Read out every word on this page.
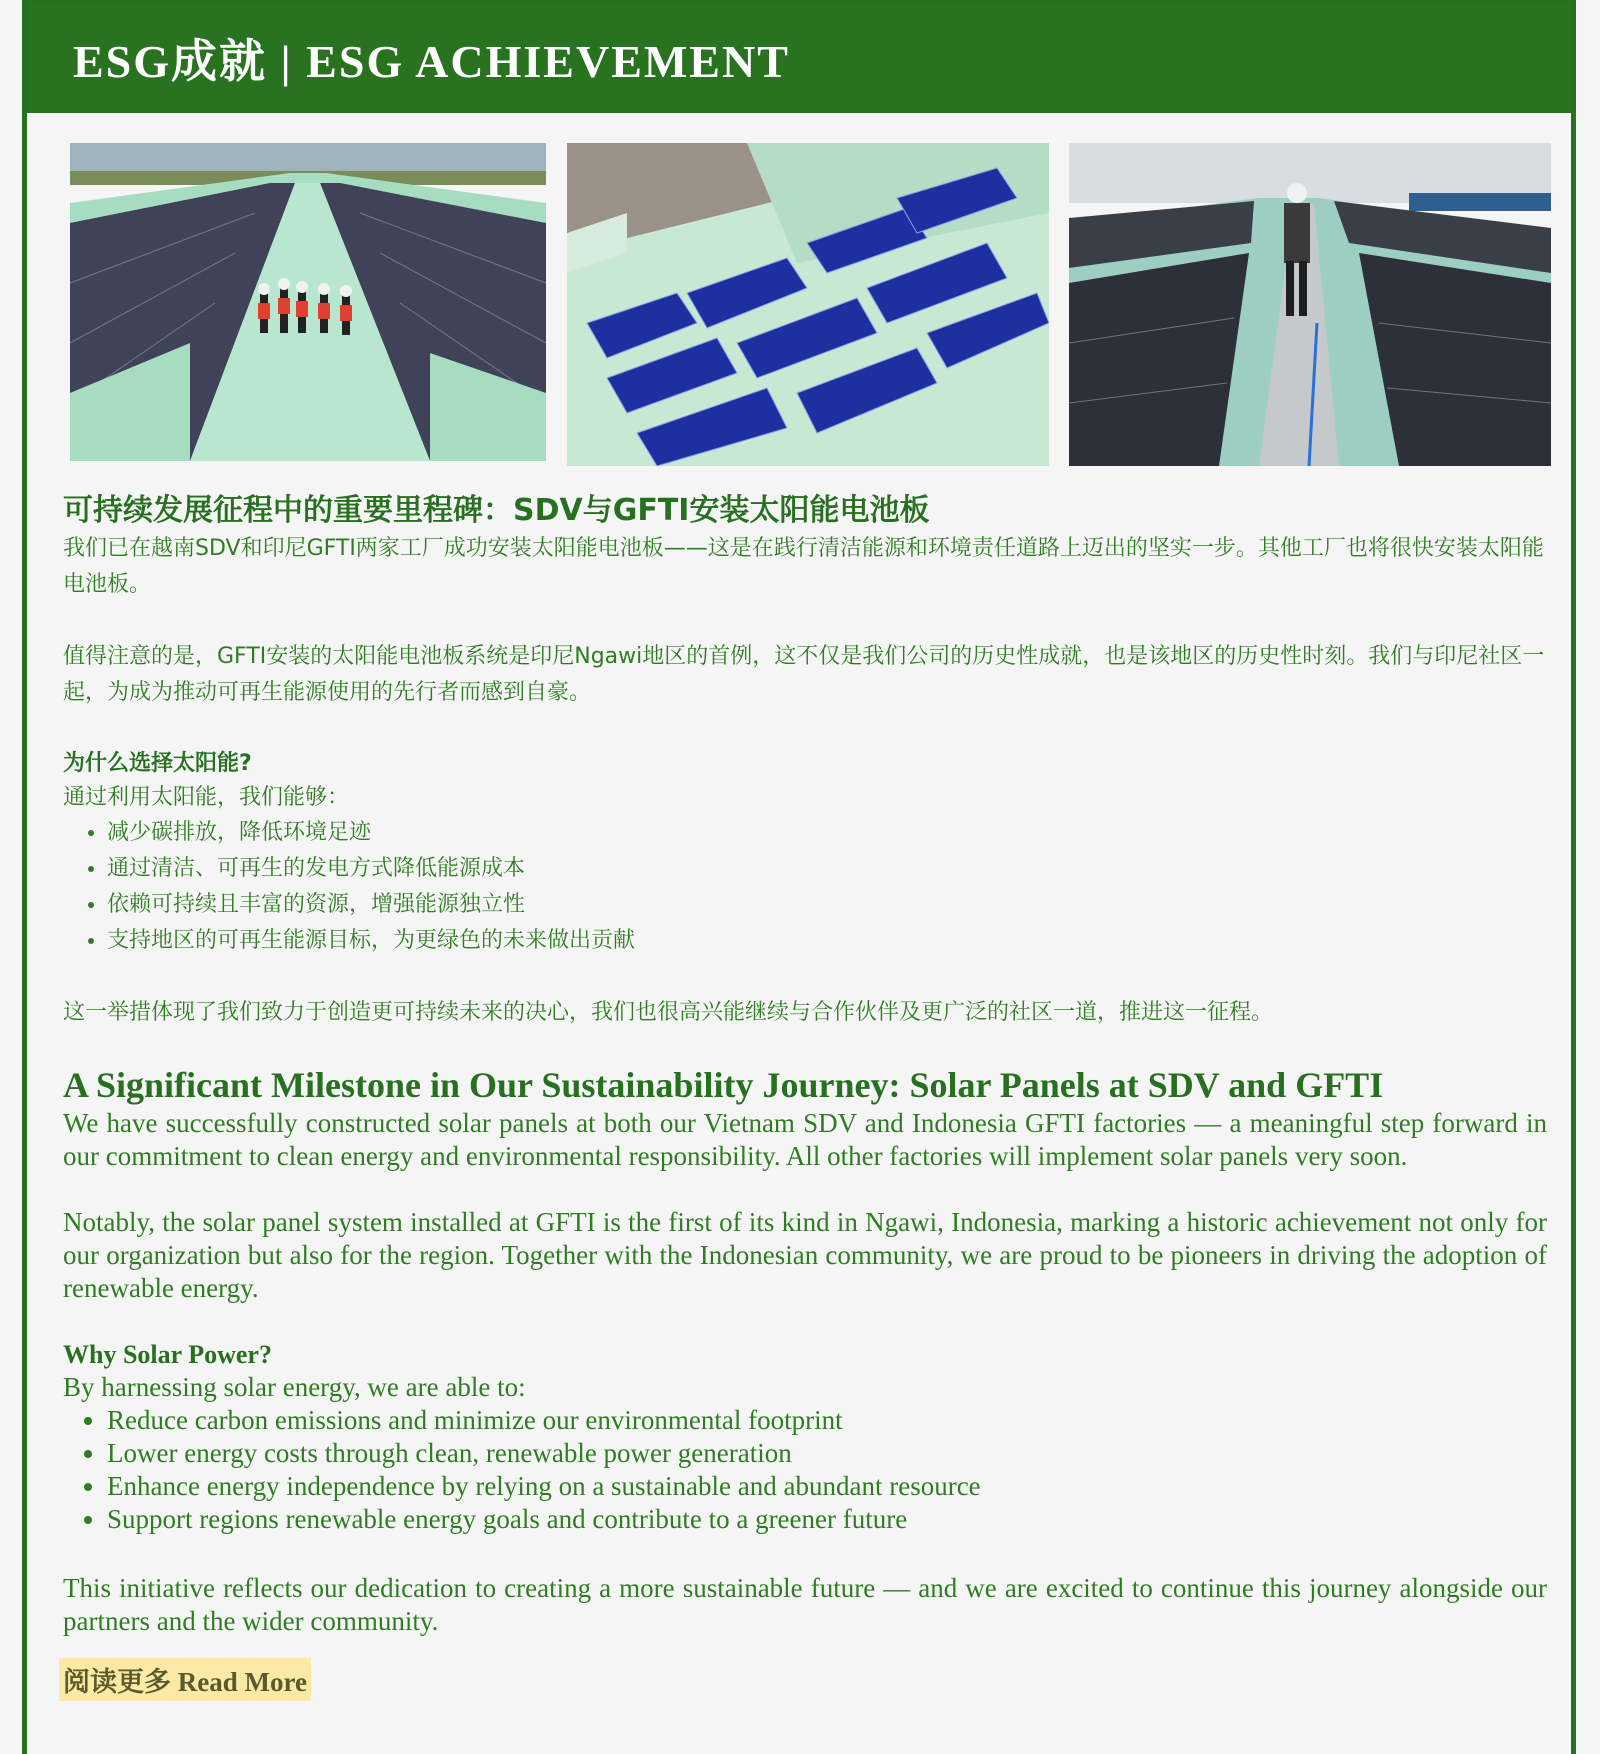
ESG成就 | ESG ACHIEVEMENT
可持续发展征程中的重要里程碑：SDV与GFTI安装太阳能电池板

我们已在越南SDV和印尼GFTI两家工厂成功安装太阳能电池板——这是在践行清洁能源和环境责任道路上迈出的坚实一步。其他工厂也将很快安装太阳能电池板。

值得注意的是，GFTI安装的太阳能电池板系统是印尼Ngawi地区的首例，这不仅是我们公司的历史性成就，也是该地区的历史性时刻。我们与印尼社区一起，为成为推动可再生能源使用的先行者而感到自豪。

为什么选择太阳能?

通过利用太阳能，我们能够：

• 减少碳排放，降低环境足迹
• 通过清洁、可再生的发电方式降低能源成本
• 依赖可持续且丰富的资源，增强能源独立性
• 支持地区的可再生能源目标，为更绿色的未来做出贡献

这一举措体现了我们致力于创造更可持续未来的决心，我们也很高兴能继续与合作伙伴及更广泛的社区一道，推进这一征程。

A Significant Milestone in Our Sustainability Journey: Solar Panels at SDV and GFTI

We have successfully constructed solar panels at both our Vietnam SDV and Indonesia GFTI factories — a meaningful step forward in our commitment to clean energy and environmental responsibility. All other factories will implement solar panels very soon.

Notably, the solar panel system installed at GFTI is the first of its kind in Ngawi, Indonesia, marking a historic achievement not only for our organization but also for the region. Together with the Indonesian community, we are proud to be pioneers in driving the adoption of renewable energy.

Why Solar Power?

By harnessing solar energy, we are able to:

• Reduce carbon emissions and minimize our environmental footprint
• Lower energy costs through clean, renewable power generation
• Enhance energy independence by relying on a sustainable and abundant resource
• Support regions renewable energy goals and contribute to a greener future

This initiative reflects our dedication to creating a more sustainable future — and we are excited to continue this journey alongside our partners and the wider community.

阅读更多 Read More
